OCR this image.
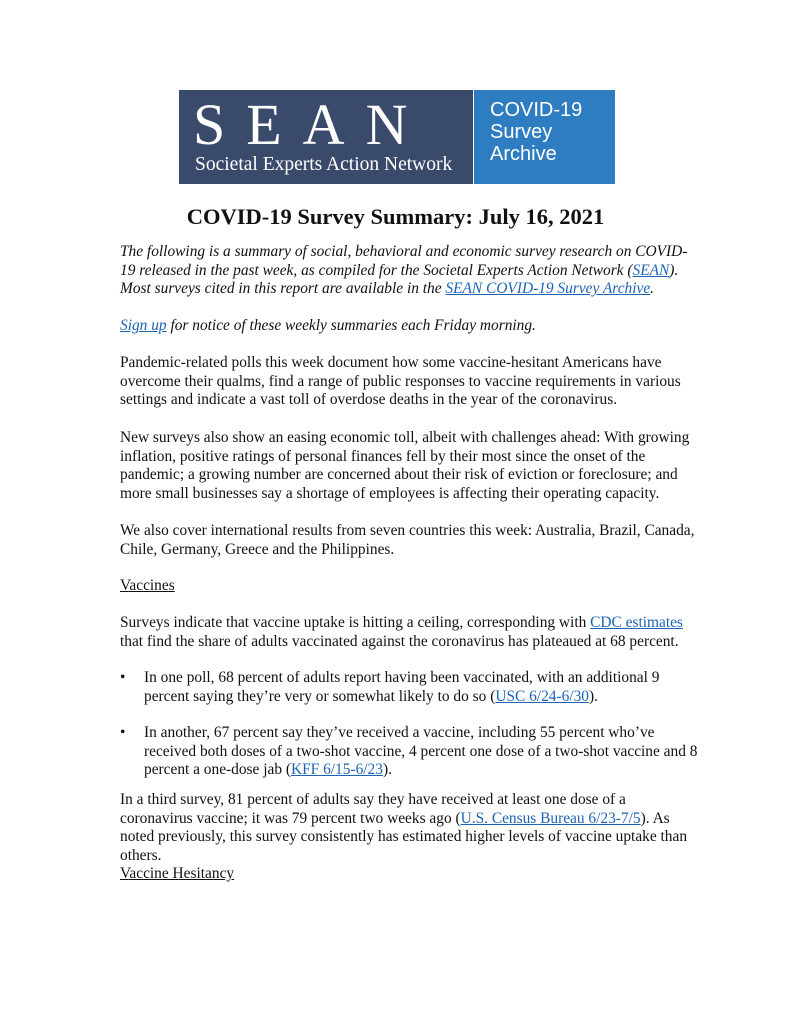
SEAN
Societal Experts Action Network
COVID-19
Survey
Archive
COVID-19 Survey Summary: July 16, 2021

The following is a summary of social, behavioral and economic survey research on COVID-19 released in the past week, as compiled for the Societal Experts Action Network (SEAN). Most surveys cited in this report are available in the SEAN COVID-19 Survey Archive.

Sign up for notice of these weekly summaries each Friday morning.

Pandemic-related polls this week document how some vaccine-hesitant Americans have overcome their qualms, find a range of public responses to vaccine requirements in various settings and indicate a vast toll of overdose deaths in the year of the coronavirus.

New surveys also show an easing economic toll, albeit with challenges ahead: With growing inflation, positive ratings of personal finances fell by their most since the onset of the pandemic; a growing number are concerned about their risk of eviction or foreclosure; and more small businesses say a shortage of employees is affecting their operating capacity.

We also cover international results from seven countries this week: Australia, Brazil, Canada, Chile, Germany, Greece and the Philippines.

Vaccines

Surveys indicate that vaccine uptake is hitting a ceiling, corresponding with CDC estimates that find the share of adults vaccinated against the coronavirus has plateaued at 68 percent.

•	In one poll, 68 percent of adults report having been vaccinated, with an additional 9 percent saying they’re very or somewhat likely to do so (USC 6/24-6/30).
•	In another, 67 percent say they’ve received a vaccine, including 55 percent who’ve received both doses of a two-shot vaccine, 4 percent one dose of a two-shot vaccine and 8 percent a one-dose jab (KFF 6/15-6/23).

In a third survey, 81 percent of adults say they have received at least one dose of a coronavirus vaccine; it was 79 percent two weeks ago (U.S. Census Bureau 6/23-7/5). As noted previously, this survey consistently has estimated higher levels of vaccine uptake than others.

Vaccine Hesitancy
